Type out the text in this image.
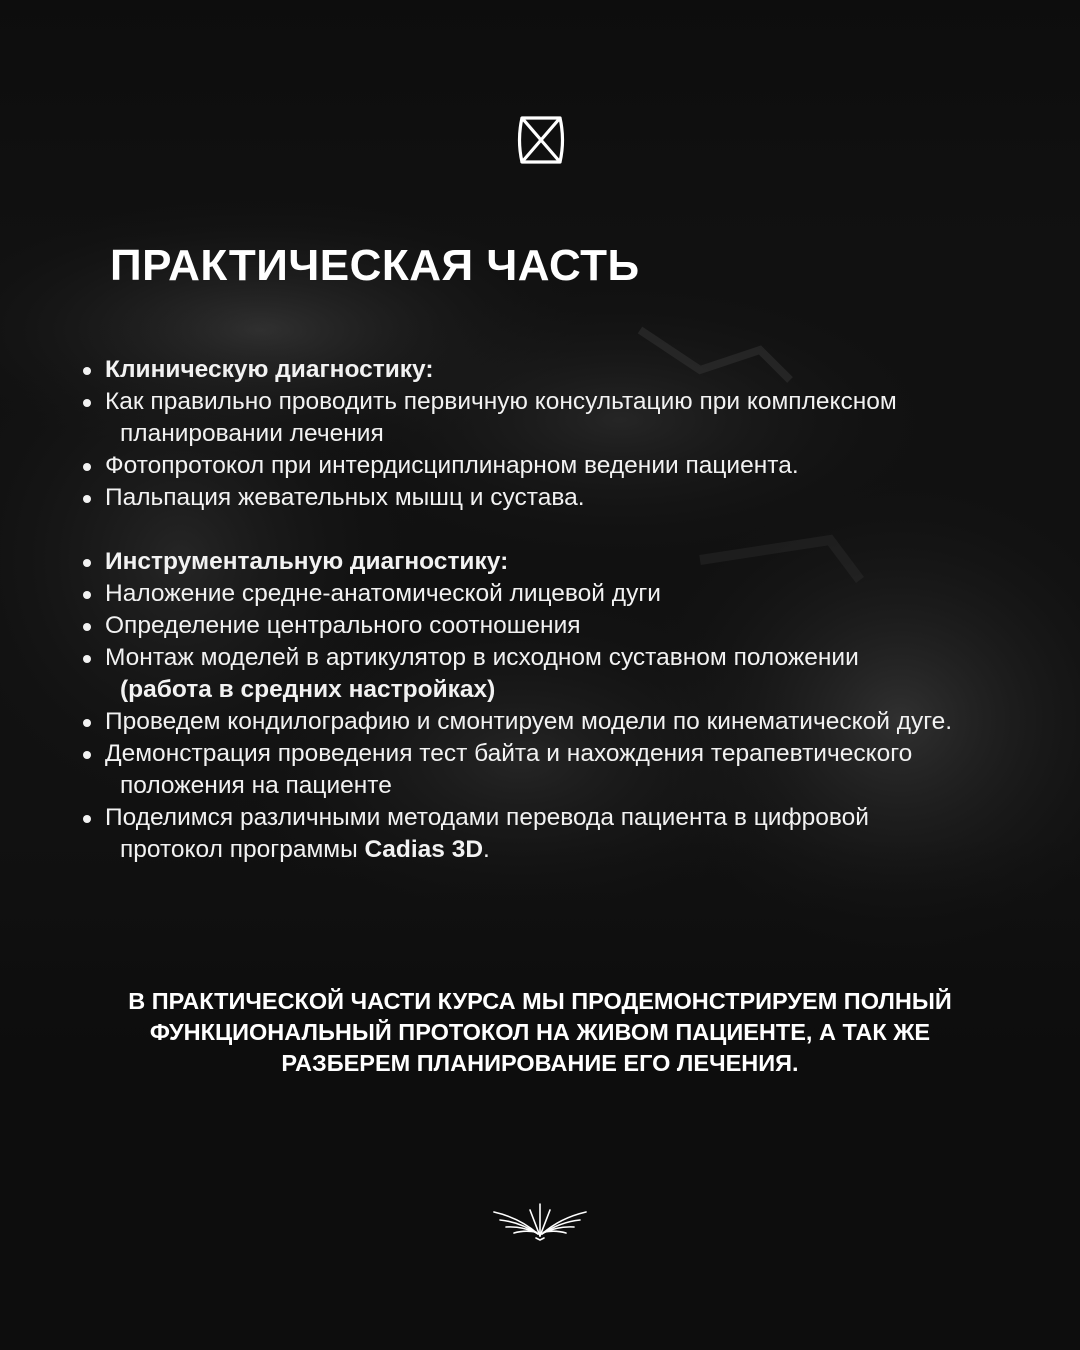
ПРАКТИЧЕСКАЯ ЧАСТЬ
Клиническую диагностику:
Как правильно проводить первичную консультацию при комплексном
планировании лечения
Фотопротокол при интердисциплинарном ведении пациента.
Пальпация жевательных мышц и сустава.
Инструментальную диагностику:
Наложение средне-анатомической лицевой дуги
Определение центрального соотношения
Монтаж моделей в артикулятор в исходном суставном положении
(работа в средних настройках)
Проведем кондилографию и смонтируем модели по кинематической дуге.
Демонстрация проведения тест байта и нахождения терапевтического
положения на пациенте
Поделимся различными методами перевода пациента в цифровой
протокол программы Cadias 3D.

В ПРАКТИЧЕСКОЙ ЧАСТИ КУРСА МЫ ПРОДЕМОНСТРИРУЕМ ПОЛНЫЙ
ФУНКЦИОНАЛЬНЫЙ ПРОТОКОЛ НА ЖИВОМ ПАЦИЕНТЕ, А ТАК ЖЕ
РАЗБЕРЕМ ПЛАНИРОВАНИЕ ЕГО ЛЕЧЕНИЯ.
